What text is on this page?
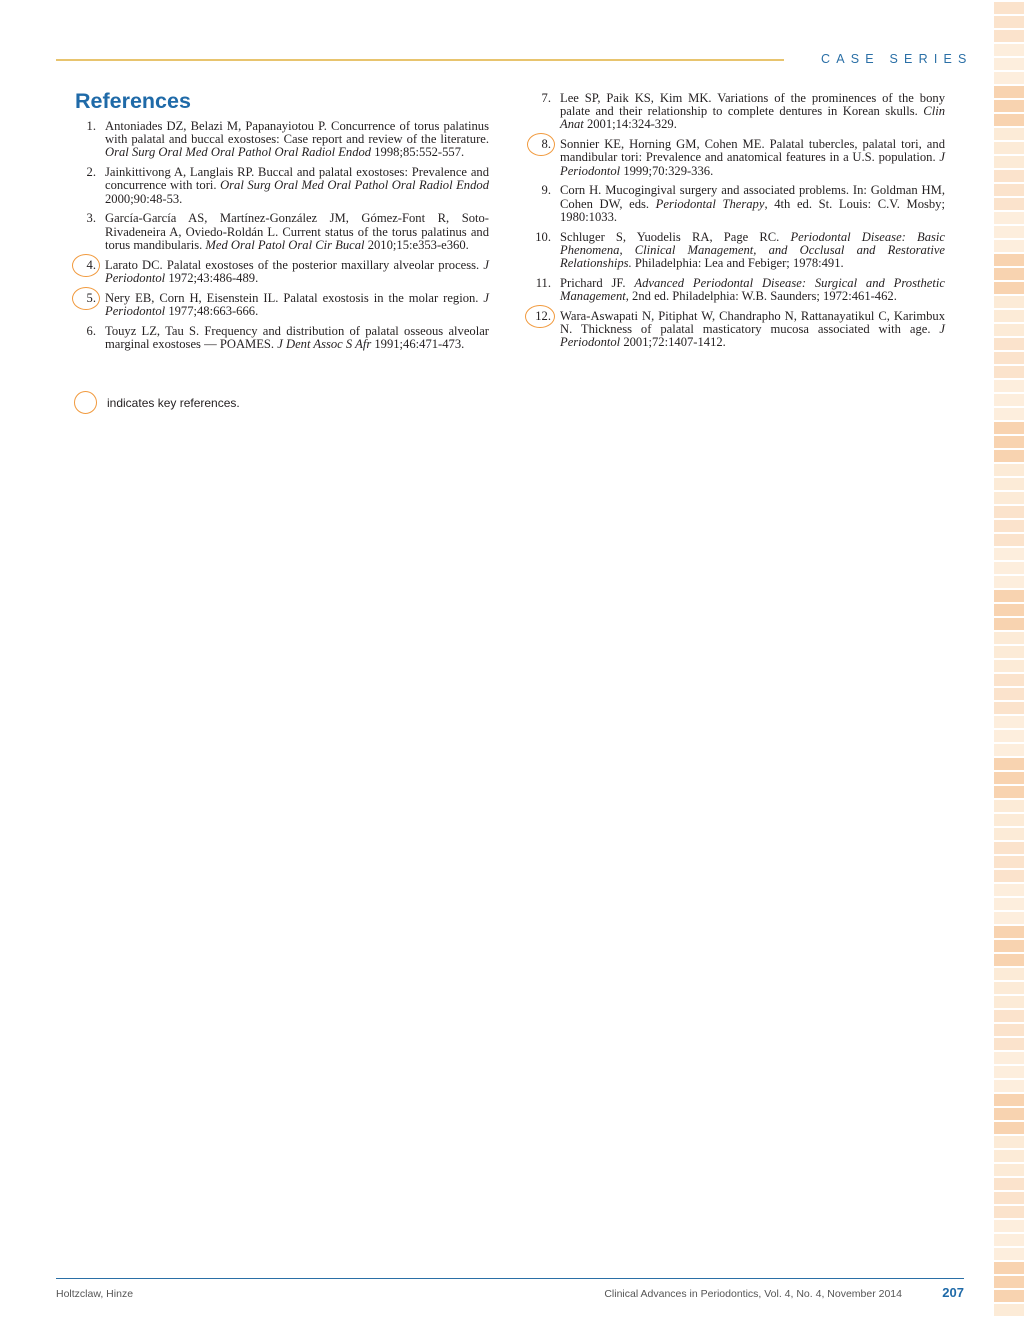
CASE SERIES
References
1. Antoniades DZ, Belazi M, Papanayiotou P. Concurrence of torus palatinus with palatal and buccal exostoses: Case report and review of the literature. Oral Surg Oral Med Oral Pathol Oral Radiol Endod 1998;85:552-557.
2. Jainkittivong A, Langlais RP. Buccal and palatal exostoses: Prevalence and concurrence with tori. Oral Surg Oral Med Oral Pathol Oral Radiol Endod 2000;90:48-53.
3. García-García AS, Martínez-González JM, Gómez-Font R, Soto-Rivadeneira A, Oviedo-Roldán L. Current status of the torus palatinus and torus mandibularis. Med Oral Patol Oral Cir Bucal 2010;15:e353-e360.
4. Larato DC. Palatal exostoses of the posterior maxillary alveolar process. J Periodontol 1972;43:486-489.
5. Nery EB, Corn H, Eisenstein IL. Palatal exostosis in the molar region. J Periodontol 1977;48:663-666.
6. Touyz LZ, Tau S. Frequency and distribution of palatal osseous alveolar marginal exostoses — POAMES. J Dent Assoc S Afr 1991;46:471-473.
7. Lee SP, Paik KS, Kim MK. Variations of the prominences of the bony palate and their relationship to complete dentures in Korean skulls. Clin Anat 2001;14:324-329.
8. Sonnier KE, Horning GM, Cohen ME. Palatal tubercles, palatal tori, and mandibular tori: Prevalence and anatomical features in a U.S. population. J Periodontol 1999;70:329-336.
9. Corn H. Mucogingival surgery and associated problems. In: Goldman HM, Cohen DW, eds. Periodontal Therapy, 4th ed. St. Louis: C.V. Mosby; 1980:1033.
10. Schluger S, Yuodelis RA, Page RC. Periodontal Disease: Basic Phenomena, Clinical Management, and Occlusal and Restorative Relationships. Philadelphia: Lea and Febiger; 1978:491.
11. Prichard JF. Advanced Periodontal Disease: Surgical and Prosthetic Management, 2nd ed. Philadelphia: W.B. Saunders; 1972:461-462.
12. Wara-Aswapati N, Pitiphat W, Chandrapho N, Rattanayatikul C, Karimbux N. Thickness of palatal masticatory mucosa associated with age. J Periodontol 2001;72:1407-1412.
indicates key references.
Holtzclaw, Hinze	Clinical Advances in Periodontics, Vol. 4, No. 4, November 2014	207
